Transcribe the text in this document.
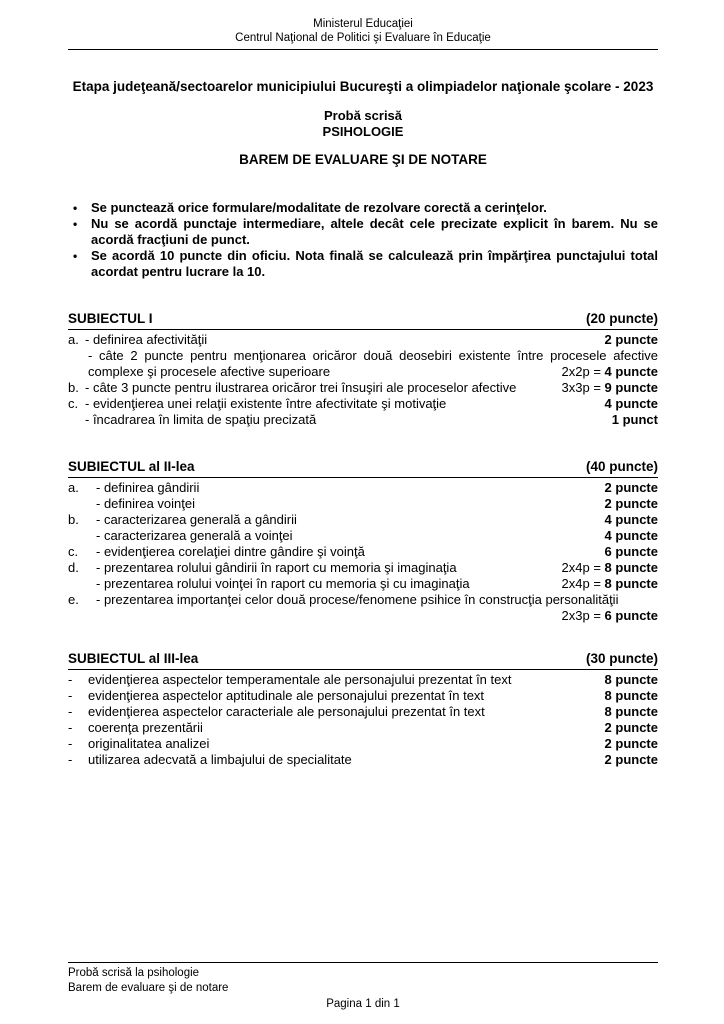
Ministerul Educaţiei
Centrul Naţional de Politici şi Evaluare în Educaţie
Etapa judeţeană/sectoarelor municipiului Bucureşti a olimpiadelor naţionale şcolare - 2023
Probă scrisă
PSIHOLOGIE
BAREM DE EVALUARE ŞI DE NOTARE
•	Se punctează orice formulare/modalitate de rezolvare corectă a cerinţelor.
•	Nu se acordă punctaje intermediare, altele decât cele precizate explicit în barem. Nu se acordă fracţiuni de punct.
•	Se acordă 10 puncte din oficiu. Nota finală se calculează prin împărţirea punctajului total acordat pentru lucrare la 10.
SUBIECTUL I	(20 puncte)
a. - definirea afectivităţii	2 puncte
- câte 2 puncte pentru menţionarea oricăror două deosebiri existente între procesele afective complexe şi procesele afective superioare	2x2p = 4 puncte
b. - câte 3 puncte pentru ilustrarea oricăror trei însuşiri ale proceselor afective	3x3p = 9 puncte
c. - evidenţierea unei relaţii existente între afectivitate şi motivaţie	4 puncte
- încadrarea în limita de spaţiu precizată	1 punct
SUBIECTUL al II-lea	(40 puncte)
a.	- definirea gândirii	2 puncte
- definirea voinţei	2 puncte
b.	- caracterizarea generală a gândirii	4 puncte
- caracterizarea generală a voinţei	4 puncte
c.	- evidenţierea corelaţiei dintre gândire şi voinţă	6 puncte
d.	- prezentarea rolului gândirii în raport cu memoria şi imaginaţia	2x4p = 8 puncte
- prezentarea rolului voinţei în raport cu memoria şi cu imaginaţia	2x4p = 8 puncte
e.	- prezentarea importanţei celor două procese/fenomene psihice în construcţia personalităţii
2x3p = 6 puncte
SUBIECTUL al III-lea	(30 puncte)
-	evidenţierea aspectelor temperamentale ale personajului prezentat în text	8 puncte
-	evidenţierea aspectelor aptitudinale ale personajului prezentat în text	8 puncte
-	evidenţierea aspectelor caracteriale ale personajului prezentat în text	8 puncte
-	coerenţa prezentării	2 puncte
-	originalitatea analizei	2 puncte
-	utilizarea adecvată a limbajului de specialitate	2 puncte
Probă scrisă la psihologie
Barem de evaluare şi de notare
Pagina 1 din 1
